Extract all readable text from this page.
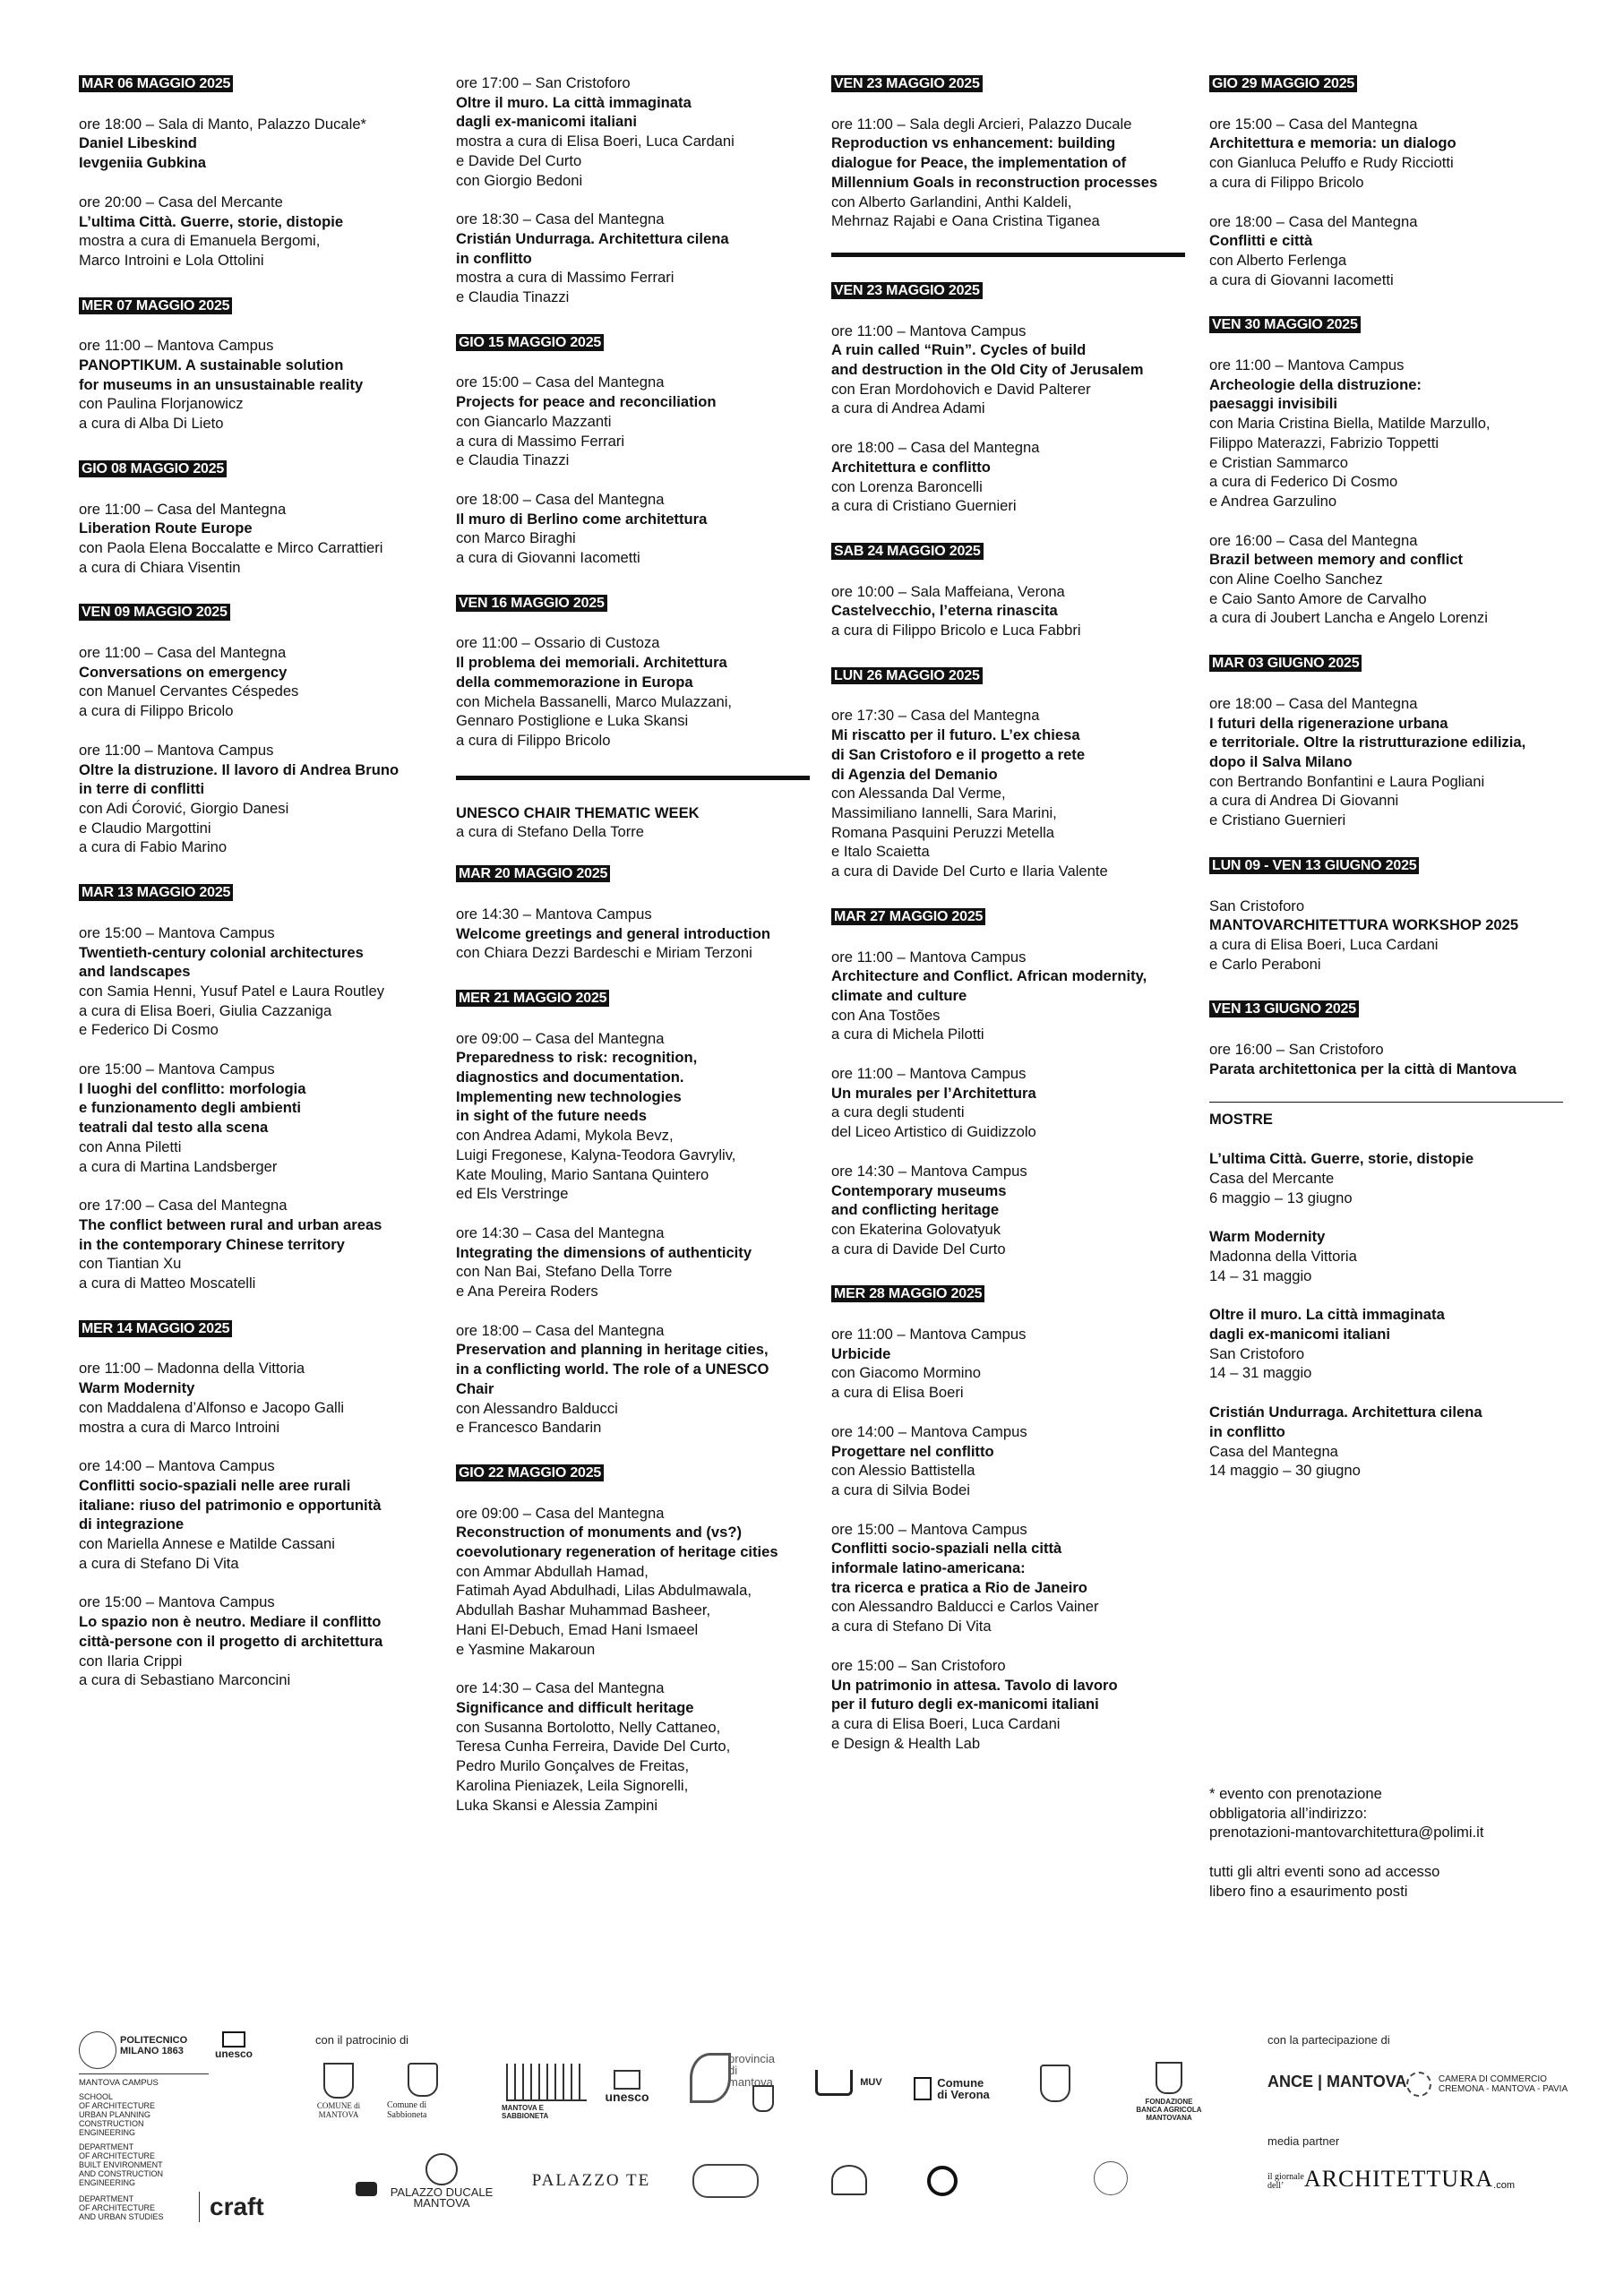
MAR 06 MAGGIO 2025
ore 18:00 – Sala di Manto, Palazzo Ducale*
Daniel Libeskind
Ievgeniia Gubkina
ore 20:00 – Casa del Mercante
L’ultima Città. Guerre, storie, distopie
mostra a cura di Emanuela Bergomi,
Marco Introini e Lola Ottolini
MER 07 MAGGIO 2025
ore 11:00 – Mantova Campus
PANOPTIKUM. A sustainable solution
for museums in an unsustainable reality
con Paulina Florjanowicz
a cura di Alba Di Lieto
GIO 08 MAGGIO 2025
ore 11:00 – Casa del Mantegna
Liberation Route Europe
con Paola Elena Boccalatte e Mirco Carrattieri
a cura di Chiara Visentin
VEN 09 MAGGIO 2025
ore 11:00 – Casa del Mantegna
Conversations on emergency
con Manuel Cervantes Céspedes
a cura di Filippo Bricolo
ore 11:00 – Mantova Campus
Oltre la distruzione. Il lavoro di Andrea Bruno
in terre di conflitti
con Adi Ćorović, Giorgio Danesi
e Claudio Margottini
a cura di Fabio Marino
MAR 13 MAGGIO 2025
ore 15:00 – Mantova Campus
Twentieth-century colonial architectures
and landscapes
con Samia Henni, Yusuf Patel e Laura Routley
a cura di Elisa Boeri, Giulia Cazzaniga
e Federico Di Cosmo
ore 15:00 – Mantova Campus
I luoghi del conflitto: morfologia
e funzionamento degli ambienti
teatrali dal testo alla scena
con Anna Piletti
a cura di Martina Landsberger
ore 17:00 – Casa del Mantegna
The conflict between rural and urban areas
in the contemporary Chinese territory
con Tiantian Xu
a cura di Matteo Moscatelli
MER 14 MAGGIO 2025
ore 11:00 – Madonna della Vittoria
Warm Modernity
con Maddalena d’Alfonso e Jacopo Galli
mostra a cura di Marco Introini
ore 14:00 – Mantova Campus
Conflitti socio-spaziali nelle aree rurali
italiane: riuso del patrimonio e opportunità
di integrazione
con Mariella Annese e Matilde Cassani
a cura di Stefano Di Vita
ore 15:00 – Mantova Campus
Lo spazio non è neutro. Mediare il conflitto
città-persone con il progetto di architettura
con Ilaria Crippi
a cura di Sebastiano Marconcini
ore 17:00 – San Cristoforo
Oltre il muro. La città immaginata
dagli ex-manicomi italiani
mostra a cura di Elisa Boeri, Luca Cardani
e Davide Del Curto
con Giorgio Bedoni
ore 18:30 – Casa del Mantegna
Cristián Undurraga. Architettura cilena
in conflitto
mostra a cura di Massimo Ferrari
e Claudia Tinazzi
GIO 15 MAGGIO 2025
ore 15:00 – Casa del Mantegna
Projects for peace and reconciliation
con Giancarlo Mazzanti
a cura di Massimo Ferrari
e Claudia Tinazzi
ore 18:00 – Casa del Mantegna
Il muro di Berlino come architettura
con Marco Biraghi
a cura di Giovanni Iacometti
VEN 16 MAGGIO 2025
ore 11:00 – Ossario di Custoza
Il problema dei memoriali. Architettura
della commemorazione in Europa
con Michela Bassanelli, Marco Mulazzani,
Gennaro Postiglione e Luka Skansi
a cura di Filippo Bricolo
UNESCO CHAIR THEMATIC WEEK
a cura di Stefano Della Torre
MAR 20 MAGGIO 2025
ore 14:30 – Mantova Campus
Welcome greetings and general introduction
con Chiara Dezzi Bardeschi e Miriam Terzoni
MER 21 MAGGIO 2025
ore 09:00 – Casa del Mantegna
Preparedness to risk: recognition,
diagnostics and documentation.
Implementing new technologies
in sight of the future needs
con Andrea Adami, Mykola Bevz,
Luigi Fregonese, Kalyna-Teodora Gavryliv,
Kate Mouling, Mario Santana Quintero
ed Els Verstringe
ore 14:30 – Casa del Mantegna
Integrating the dimensions of authenticity
con Nan Bai, Stefano Della Torre
e Ana Pereira Roders
ore 18:00 – Casa del Mantegna
Preservation and planning in heritage cities,
in a conflicting world. The role of a UNESCO
Chair
con Alessandro Balducci
e Francesco Bandarin
GIO 22 MAGGIO 2025
ore 09:00 – Casa del Mantegna
Reconstruction of monuments and (vs?)
coevolutionary regeneration of heritage cities
con Ammar Abdullah Hamad,
Fatimah Ayad Abdulhadi, Lilas Abdulmawala,
Abdullah Bashar Muhammad Basheer,
Hani El-Debuch, Emad Hani Ismaeel
e Yasmine Makaroun
ore 14:30 – Casa del Mantegna
Significance and difficult heritage
con Susanna Bortolotto, Nelly Cattaneo,
Teresa Cunha Ferreira, Davide Del Curto,
Pedro Murilo Gonçalves de Freitas,
Karolina Pieniazek, Leila Signorelli,
Luka Skansi e Alessia Zampini
VEN 23 MAGGIO 2025
ore 11:00 – Sala degli Arcieri, Palazzo Ducale
Reproduction vs enhancement: building
dialogue for Peace, the implementation of
Millennium Goals in reconstruction processes
con Alberto Garlandini, Anthi Kaldeli,
Mehrnaz Rajabi e Oana Cristina Tiganea
VEN 23 MAGGIO 2025
ore 11:00 – Mantova Campus
A ruin called “Ruin”. Cycles of build
and destruction in the Old City of Jerusalem
con Eran Mordohovich e David Palterer
a cura di Andrea Adami
ore 18:00 – Casa del Mantegna
Architettura e conflitto
con Lorenza Baroncelli
a cura di Cristiano Guernieri
SAB 24 MAGGIO 2025
ore 10:00 – Sala Maffeiana, Verona
Castelvecchio, l’eterna rinascita
a cura di Filippo Bricolo e Luca Fabbri
LUN 26 MAGGIO 2025
ore 17:30 – Casa del Mantegna
Mi riscatto per il futuro. L’ex chiesa
di San Cristoforo e il progetto a rete
di Agenzia del Demanio
con Alessanda Dal Verme,
Massimiliano Iannelli, Sara Marini,
Romana Pasquini Peruzzi Metella
e Italo Scaietta
a cura di Davide Del Curto e Ilaria Valente
MAR 27 MAGGIO 2025
ore 11:00 – Mantova Campus
Architecture and Conflict. African modernity,
climate and culture
con Ana Tostões
a cura di Michela Pilotti
ore 11:00 – Mantova Campus
Un murales per l’Architettura
a cura degli studenti
del Liceo Artistico di Guidizzolo
ore 14:30 – Mantova Campus
Contemporary museums
and conflicting heritage
con Ekaterina Golovatyuk
a cura di Davide Del Curto
MER 28 MAGGIO 2025
ore 11:00 – Mantova Campus
Urbicide
con Giacomo Mormino
a cura di Elisa Boeri
ore 14:00 – Mantova Campus
Progettare nel conflitto
con Alessio Battistella
a cura di Silvia Bodei
ore 15:00 – Mantova Campus
Conflitti socio-spaziali nella città
informale latino-americana:
tra ricerca e pratica a Rio de Janeiro
con Alessandro Balducci e Carlos Vainer
a cura di Stefano Di Vita
ore 15:00 – San Cristoforo
Un patrimonio in attesa. Tavolo di lavoro
per il futuro degli ex-manicomi italiani
a cura di Elisa Boeri, Luca Cardani
e Design & Health Lab
GIO 29 MAGGIO 2025
ore 15:00 – Casa del Mantegna
Architettura e memoria: un dialogo
con Gianluca Peluffo e Rudy Ricciotti
a cura di Filippo Bricolo
ore 18:00 – Casa del Mantegna
Conflitti e città
con Alberto Ferlenga
a cura di Giovanni Iacometti
VEN 30 MAGGIO 2025
ore 11:00 – Mantova Campus
Archeologie della distruzione:
paesaggi invisibili
con Maria Cristina Biella, Matilde Marzullo,
Filippo Materazzi, Fabrizio Toppetti
e Cristian Sammarco
a cura di Federico Di Cosmo
e Andrea Garzulino
ore 16:00 – Casa del Mantegna
Brazil between memory and conflict
con Aline Coelho Sanchez
e Caio Santo Amore de Carvalho
a cura di Joubert Lancha e Angelo Lorenzi
MAR 03 GIUGNO 2025
ore 18:00 – Casa del Mantegna
I futuri della rigenerazione urbana
e territoriale. Oltre la ristrutturazione edilizia,
dopo il Salva Milano
con Bertrando Bonfantini e Laura Pogliani
a cura di Andrea Di Giovanni
e Cristiano Guernieri
LUN 09 - VEN 13 GIUGNO 2025
San Cristoforo
MANTOVARCHITETTURA WORKSHOP 2025
a cura di Elisa Boeri, Luca Cardani
e Carlo Peraboni
VEN 13 GIUGNO 2025
ore 16:00 – San Cristoforo
Parata architettonica per la città di Mantova
MOSTRE
L’ultima Città. Guerre, storie, distopie
Casa del Mercante
6 maggio – 13 giugno
Warm Modernity
Madonna della Vittoria
14 – 31 maggio
Oltre il muro. La città immaginata
dagli ex-manicomi italiani
San Cristoforo
14 – 31 maggio
Cristián Undurraga. Architettura cilena
in conflitto
Casa del Mantegna
14 maggio – 30 giugno
* evento con prenotazione
obbligatoria all’indirizzo:
prenotazioni-mantovarchitettura@polimi.it
tutti gli altri eventi sono ad accesso
libero fino a esaurimento posti
POLITECNICO
MILANO 1863	unesco
MANTOVA CAMPUS
SCHOOL
OF ARCHITECTURE
URBAN PLANNING
CONSTRUCTION
ENGINEERING
DEPARTMENT
OF ARCHITECTURE
BUILT ENVIRONMENT
AND CONSTRUCTION
ENGINEERING
DEPARTMENT
OF ARCHITECTURE
AND URBAN STUDIES craft
con il patrocinio di
COMUNE di
MANTOVA
Comune di Sabbioneta
MANTOVA E SABBIONETA
unesco
provincia
di mantova	MUV	Comune
di Verona	FONDAZIONE
BANCA AGRICOLA MANTOVANA
PALAZZO DUCALE
MANTOVA
PALAZZO TE
con la partecipazione di
ANCE | MANTOVA	CAMERA DI COMMERCIO
CREMONA - MANTOVA - PAVIA
media partner
il giornale
dell’ ARCHITETTURA .com
